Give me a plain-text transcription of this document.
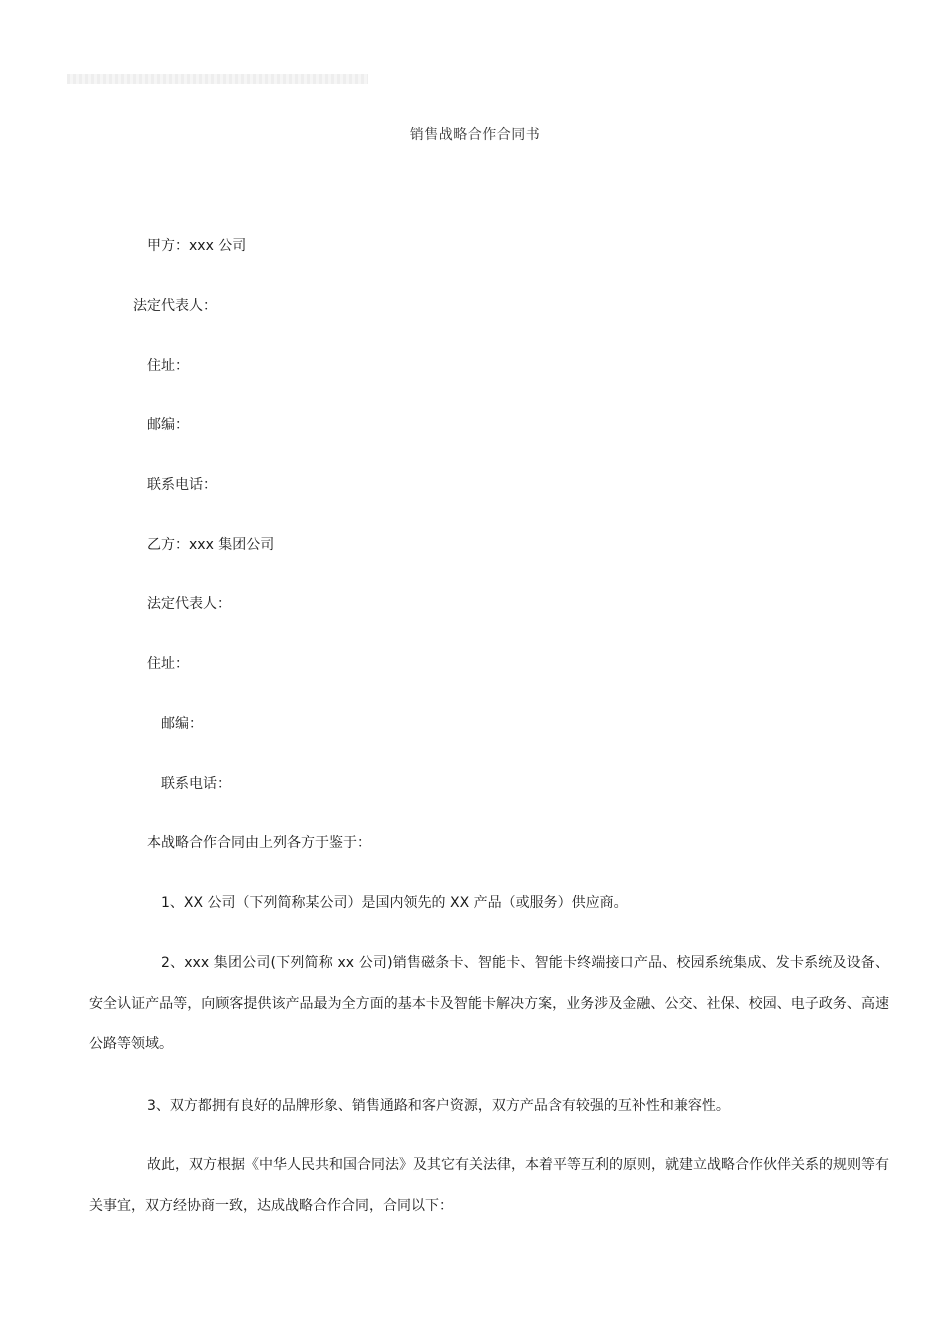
销售战略合作合同书
甲方：xxx 公司
法定代表人：
住址：
邮编：
联系电话：
乙方：xxx 集团公司
法定代表人：
住址：
邮编：
联系电话：
本战略合作合同由上列各方于鉴于：
1、XX 公司（下列简称某公司）是国内领先的 XX 产品（或服务）供应商。
2、xxx 集团公司(下列简称 xx 公司)销售磁条卡、智能卡、智能卡终端接口产品、校园系统集成、发卡系统及设备、安全认证产品等，向顾客提供该产品最为全方面的基本卡及智能卡解决方案，业务涉及金融、公交、社保、校园、电子政务、高速公路等领域。
3、双方都拥有良好的品牌形象、销售通路和客户资源，双方产品含有较强的互补性和兼容性。
故此，双方根据《中华人民共和国合同法》及其它有关法律，本着平等互利的原则，就建立战略合作伙伴关系的规则等有关事宜，双方经协商一致，达成战略合作合同，合同以下：
